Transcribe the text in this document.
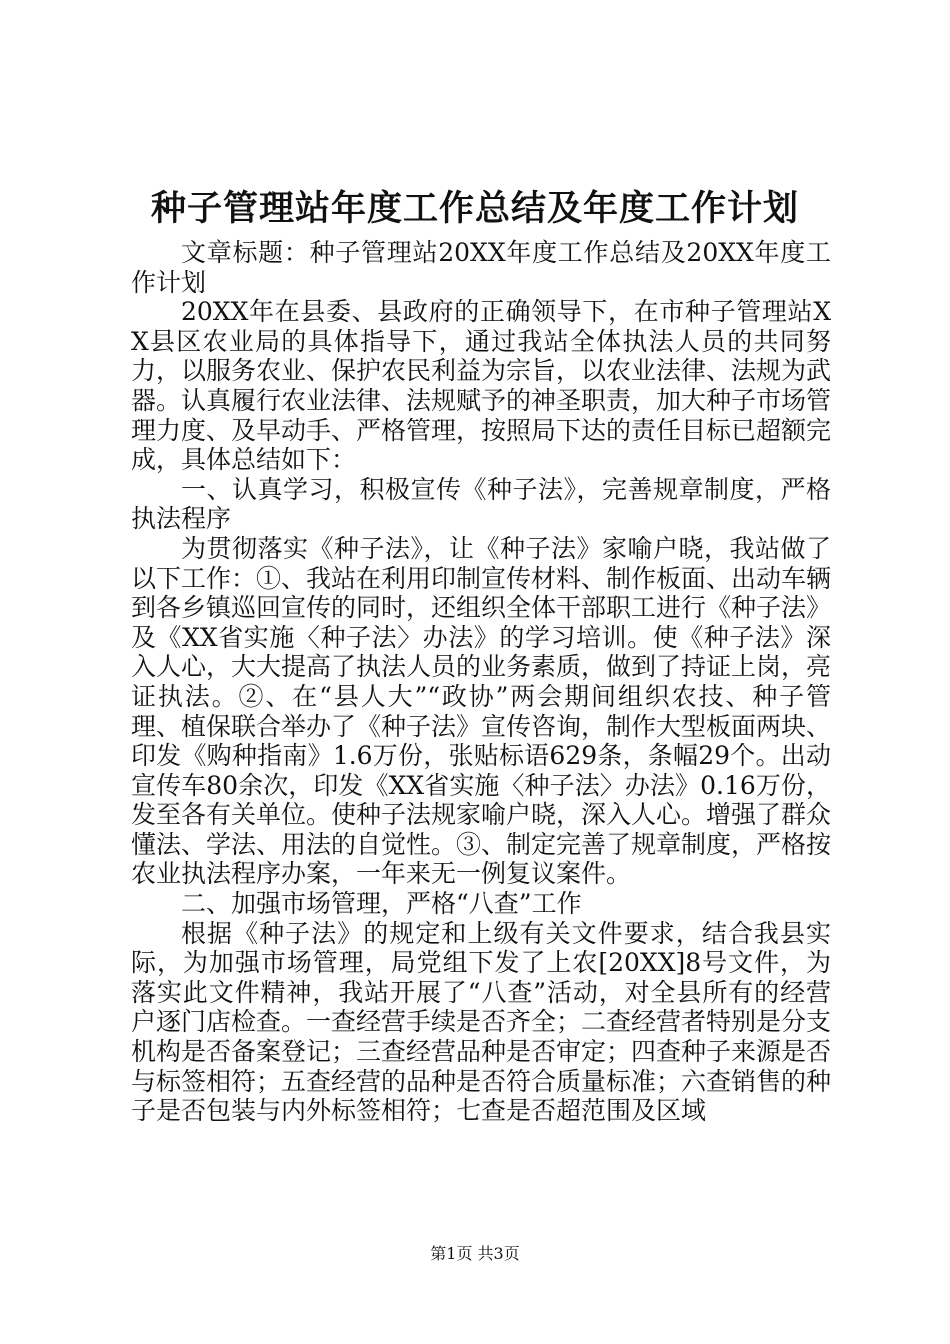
种子管理站年度工作总结及年度工作计划

文章标题：种子管理站20XX年度工作总结及20XX年度工作计划

20XX年在县委、县政府的正确领导下，在市种子管理站XX县区农业局的具体指导下，通过我站全体执法人员的共同努力，以服务农业、保护农民利益为宗旨，以农业法律、法规为武器。认真履行农业法律、法规赋予的神圣职责，加大种子市场管理力度、及早动手、严格管理，按照局下达的责任目标已超额完成，具体总结如下：

一、认真学习，积极宣传《种子法》，完善规章制度，严格执法程序

为贯彻落实《种子法》，让《种子法》家喻户晓，我站做了以下工作：①、我站在利用印制宣传材料、制作板面、出动车辆到各乡镇巡回宣传的同时，还组织全体干部职工进行《种子法》及《XX省实施〈种子法〉办法》的学习培训。使《种子法》深入人心，大大提高了执法人员的业务素质，做到了持证上岗，亮证执法。②、在“县人大”“政协”两会期间组织农技、种子管理、植保联合举办了《种子法》宣传咨询，制作大型板面两块、印发《购种指南》1.6万份，张贴标语629条，条幅29个。出动宣传车80余次，印发《XX省实施〈种子法〉办法》0.16万份，发至各有关单位。使种子法规家喻户晓，深入人心。增强了群众懂法、学法、用法的自觉性。③、制定完善了规章制度，严格按农业执法程序办案，一年来无一例复议案件。

二、加强市场管理，严格“八查”工作

根据《种子法》的规定和上级有关文件要求，结合我县实际，为加强市场管理，局党组下发了上农[20XX]8号文件，为落实此文件精神，我站开展了“八查”活动，对全县所有的经营户逐门店检查。一查经营手续是否齐全；二查经营者特别是分支机构是否备案登记；三查经营品种是否审定；四查种子来源是否与标签相符；五查经营的品种是否符合质量标准；六查销售的种子是否包装与内外标签相符；七查是否超范围及区域

第1页 共3页
